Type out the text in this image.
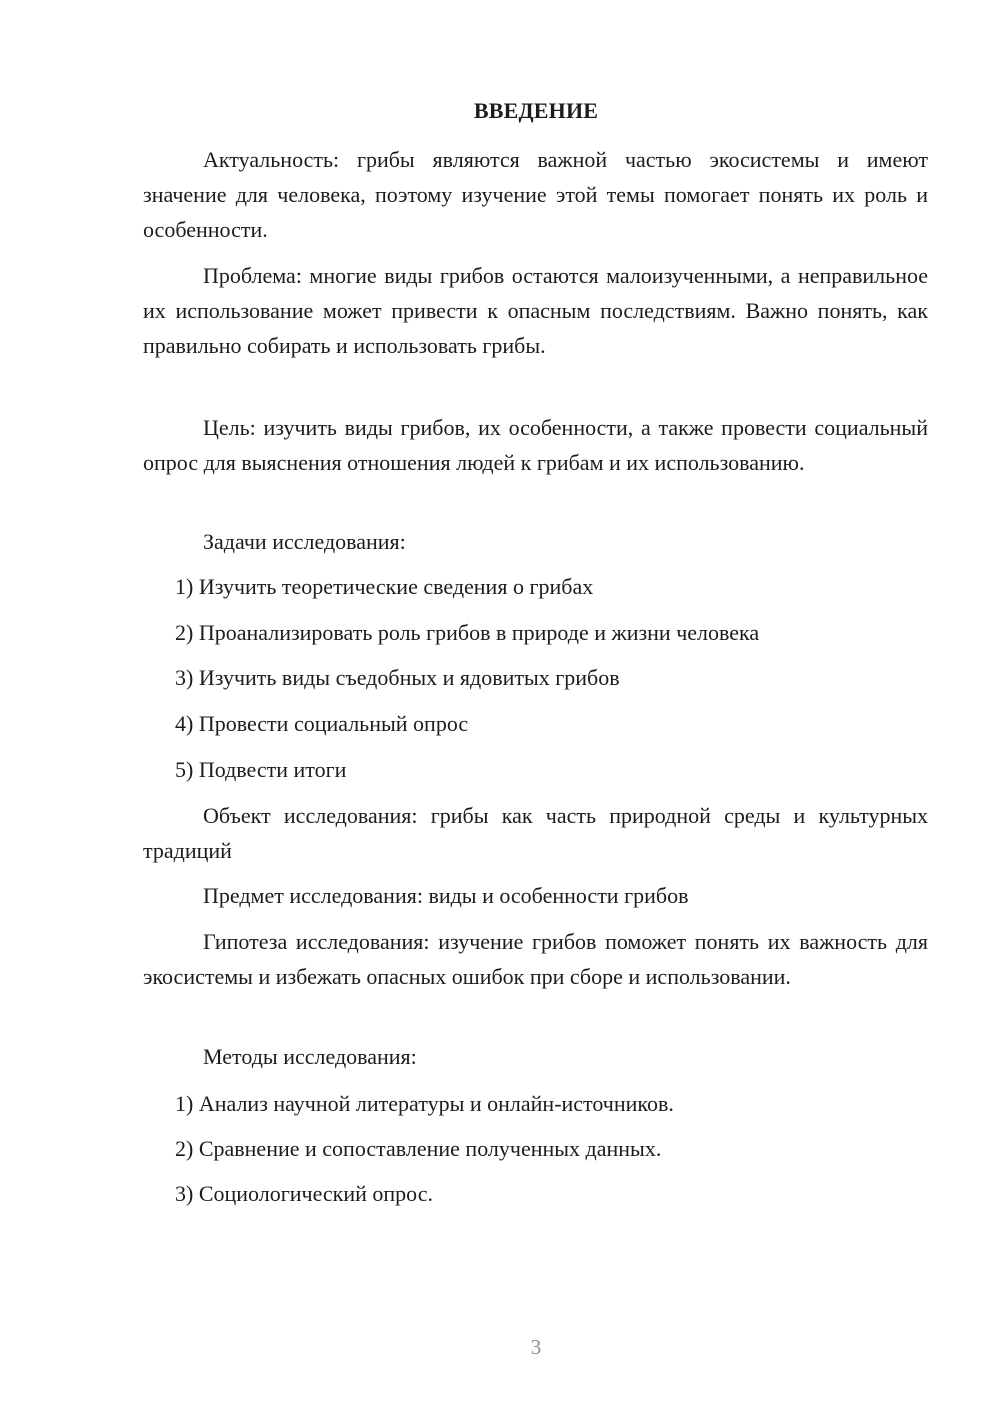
ВВЕДЕНИЕ

Актуальность: грибы являются важной частью экосистемы и имеют значение для человека, поэтому изучение этой темы помогает понять их роль и особенности.

Проблема: многие виды грибов остаются малоизученными, а неправильное их использование может привести к опасным последствиям. Важно понять, как правильно собирать и использовать грибы.

Цель: изучить виды грибов, их особенности, а также провести социальный опрос для выяснения отношения людей к грибам и их использованию.

Задачи исследования:
1) Изучить теоретические сведения о грибах
2) Проанализировать роль грибов в природе и жизни человека
3) Изучить виды съедобных и ядовитых грибов
4) Провести социальный опрос
5) Подвести итоги

Объект исследования: грибы как часть природной среды и культурных традиций

Предмет исследования: виды и особенности грибов

Гипотеза исследования: изучение грибов поможет понять их важность для экосистемы и избежать опасных ошибок при сборе и использовании.

Методы исследования:
1) Анализ научной литературы и онлайн-источников.
2) Сравнение и сопоставление полученных данных.
3) Социологический опрос.
3
